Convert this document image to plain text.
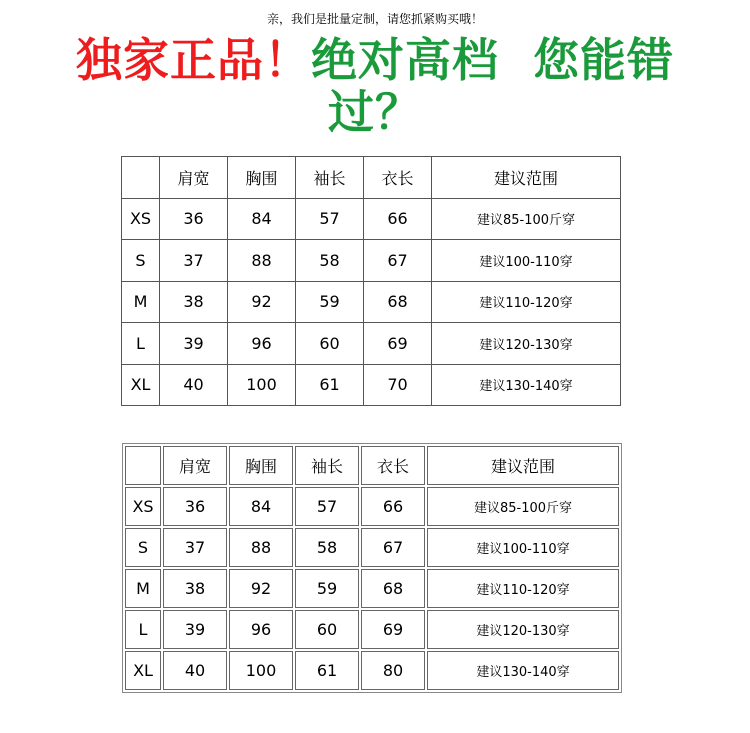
亲，我们是批量定制，请您抓紧购买哦！
独家正品！绝对高档 您能错过？
	肩宽	胸围	袖长	衣长	建议范围
XS	36	84	57	66	建议85-100斤穿
S	37	88	58	67	建议100-110穿
M	38	92	59	68	建议110-120穿
L	39	96	60	69	建议120-130穿
XL	40	100	61	70	建议130-140穿
	肩宽	胸围	袖长	衣长	建议范围
XS	36	84	57	66	建议85-100斤穿
S	37	88	58	67	建议100-110穿
M	38	92	59	68	建议110-120穿
L	39	96	60	69	建议120-130穿
XL	40	100	61	80	建议130-140穿
